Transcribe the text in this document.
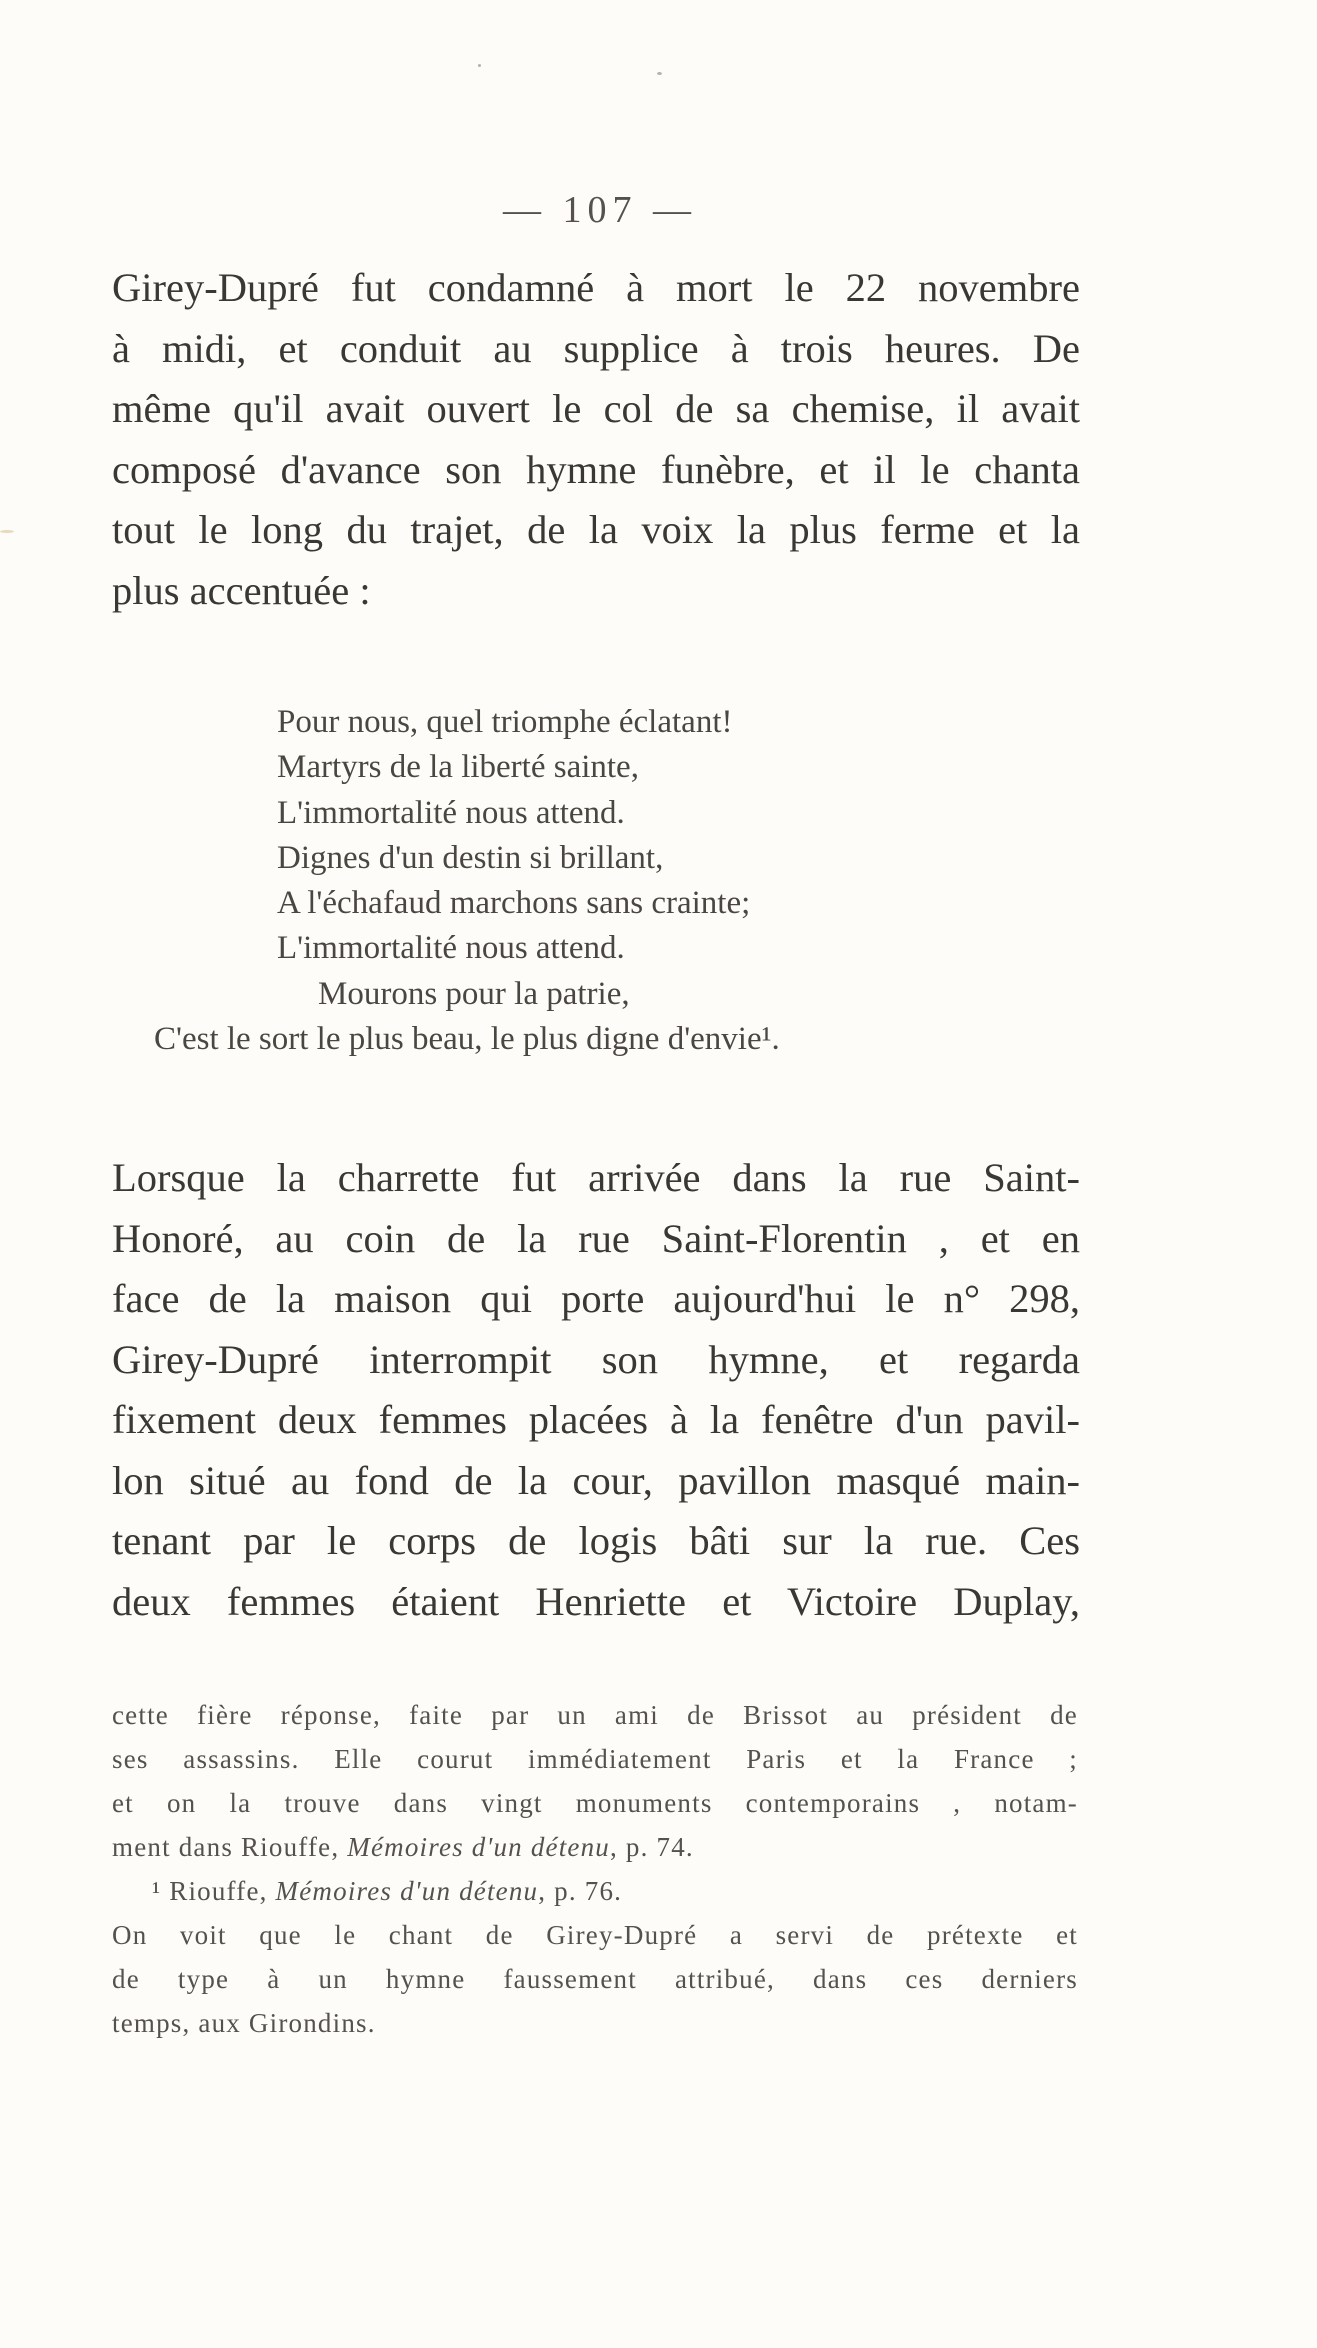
— 107 —
Girey-Dupré fut condamné à mort le 22 novembre
à midi, et conduit au supplice à trois heures. De
même qu'il avait ouvert le col de sa chemise, il avait
composé d'avance son hymne funèbre, et il le chanta
tout le long du trajet, de la voix la plus ferme et la
plus accentuée :
Pour nous, quel triomphe éclatant!
Martyrs de la liberté sainte,
L'immortalité nous attend.
Dignes d'un destin si brillant,
A l'échafaud marchons sans crainte;
L'immortalité nous attend.
Mourons pour la patrie,
C'est le sort le plus beau, le plus digne d'envie¹.
Lorsque la charrette fut arrivée dans la rue Saint-
Honoré, au coin de la rue Saint-Florentin , et en
face de la maison qui porte aujourd'hui le n° 298,
Girey-Dupré interrompit son hymne, et regarda
fixement deux femmes placées à la fenêtre d'un pavil-
lon situé au fond de la cour, pavillon masqué main-
tenant par le corps de logis bâti sur la rue. Ces
deux femmes étaient Henriette et Victoire Duplay,
cette fière réponse, faite par un ami de Brissot au président de
ses assassins. Elle courut immédiatement Paris et la France ;
et on la trouve dans vingt monuments contemporains , notam-
ment dans Riouffe, Mémoires d'un détenu, p. 74.
¹ Riouffe, Mémoires d'un détenu, p. 76.
On voit que le chant de Girey-Dupré a servi de prétexte et
de type à un hymne faussement attribué, dans ces derniers
temps, aux Girondins.
